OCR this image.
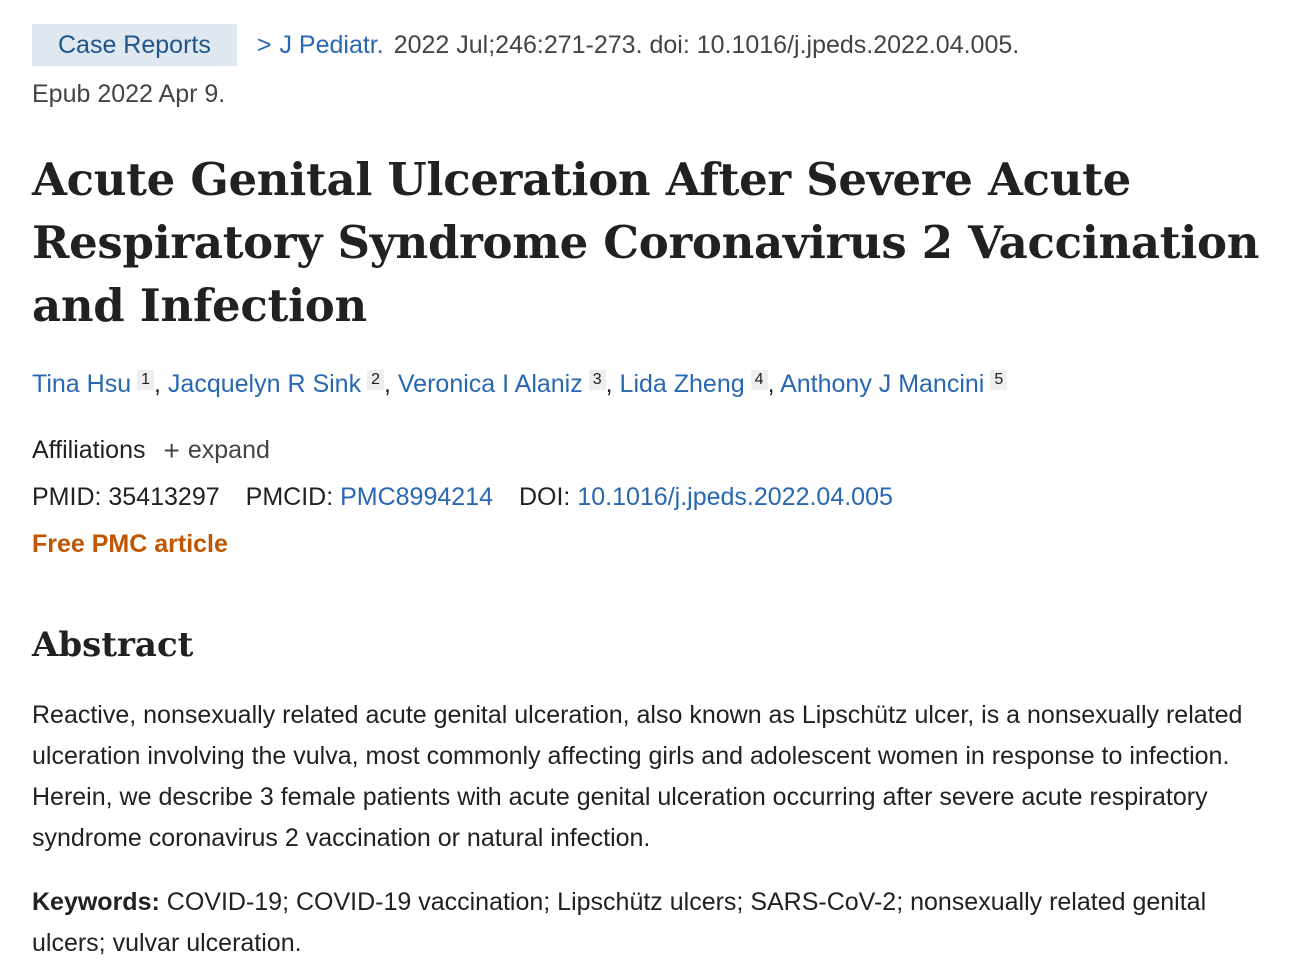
Case Reports	> J Pediatr. 2022 Jul;246:271-273. doi: 10.1016/j.jpeds.2022.04.005.
Epub 2022 Apr 9.
Acute Genital Ulceration After Severe Acute Respiratory Syndrome Coronavirus 2 Vaccination and Infection
Tina Hsu 1 , Jacquelyn R Sink 2 , Veronica I Alaniz 3 , Lida Zheng 4 , Anthony J Mancini 5
Affiliations + expand
PMID: 35413297 PMCID: PMC8994214 DOI: 10.1016/j.jpeds.2022.04.005
Free PMC article
Abstract

Reactive, nonsexually related acute genital ulceration, also known as Lipschütz ulcer, is a nonsexually related ulceration involving the vulva, most commonly affecting girls and adolescent women in response to infection. Herein, we describe 3 female patients with acute genital ulceration occurring after severe acute respiratory syndrome coronavirus 2 vaccination or natural infection.

Keywords: COVID-19; COVID-19 vaccination; Lipschütz ulcers; SARS-CoV-2; nonsexually related genital ulcers; vulvar ulceration.
